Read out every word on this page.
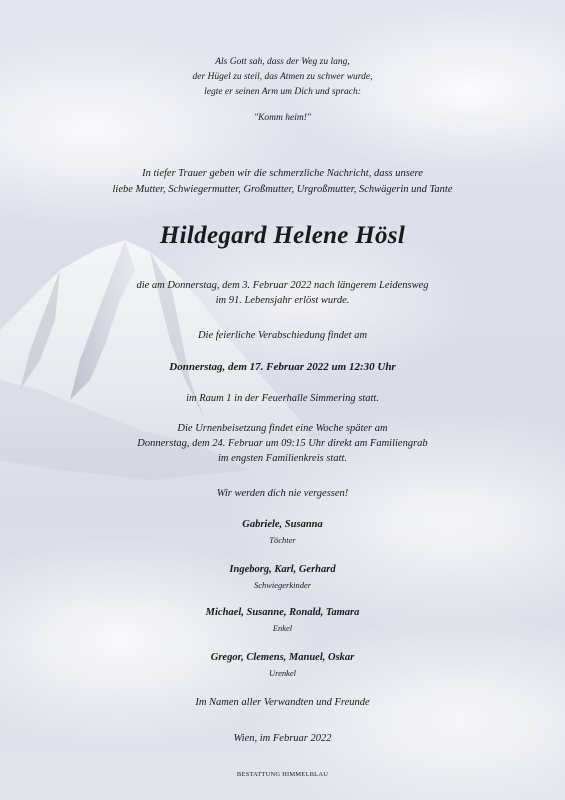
Als Gott sah, dass der Weg zu lang,
der Hügel zu steil, das Atmen zu schwer wurde,
legte er seinen Arm um Dich und sprach:
"Komm heim!"
In tiefer Trauer geben wir die schmerzliche Nachricht, dass unsere
liebe Mutter, Schwiegermutter, Großmutter, Urgroßmutter, Schwägerin und Tante
Hildegard Helene Hösl
die am Donnerstag, dem 3. Februar 2022 nach längerem Leidensweg
im 91. Lebensjahr erlöst wurde.
Die feierliche Verabschiedung findet am
Donnerstag, dem 17. Februar 2022 um 12:30 Uhr
im Raum 1 in der Feuerhalle Simmering statt.
Die Urnenbeisetzung findet eine Woche später am
Donnerstag, dem 24. Februar um 09:15 Uhr direkt am Familiengrab
im engsten Familienkreis statt.
Wir werden dich nie vergessen!
Gabriele, Susanna
Töchter
Ingeborg, Karl, Gerhard
Schwiegerkinder
Michael, Susanne, Ronald, Tamara
Enkel
Gregor, Clemens, Manuel, Oskar
Urenkel
Im Namen aller Verwandten und Freunde
Wien, im Februar 2022
BESTATTUNG HIMMELBLAU
